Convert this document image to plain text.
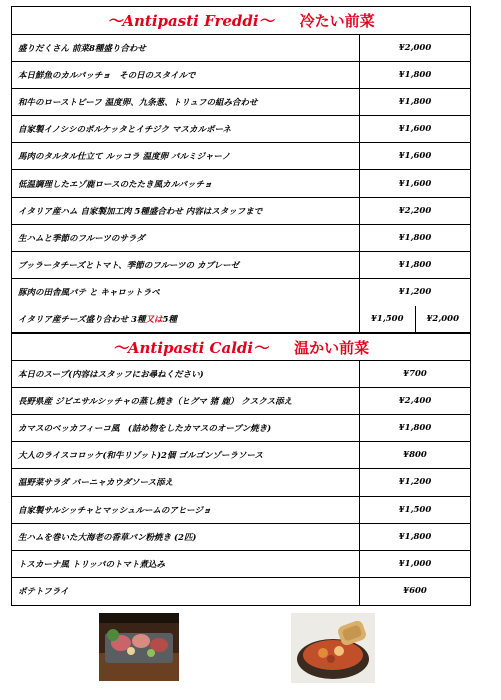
～Antipasti Freddi～ 冷たい前菜
盛りだくさん 前菜8種盛り合わせ	¥2,000
本日鮮魚のカルパッチョ　その日のスタイルで	¥1,800
和牛のローストビーフ 温度卵、九条葱、トリュフの組み合わせ	¥1,800
自家製イノシシのポルケッタとイチジク マスカルポーネ	¥1,600
馬肉のタルタル仕立て ルッコラ 温度卵 パルミジャーノ	¥1,600
低温調理したエゾ鹿ロースのたたき風カルパッチョ	¥1,600
イタリア産ハム 自家製加工肉 5種盛合わせ 内容はスタッフまで	¥2,200
生ハムと季節のフルーツのサラダ	¥1,800
ブッラータチーズとトマト、季節のフルーツの カプレーゼ	¥1,800
豚肉の田舎風パテ と キャロットラペ	¥1,200
イタリア産チーズ盛り合わせ 3種 又は 5種	¥1,500	¥2,000
～Antipasti Caldi～ 温かい前菜
本日のスープ(内容はスタッフにお尋ねください)	¥700
長野県産 ジビエサルシッチャの蒸し焼き（ヒグマ 猪 鹿） クスクス添え	¥2,400
カマスのベッカフィーコ風　(詰め物をしたカマスのオーブン焼き)	¥1,800
大人のライスコロッケ(和牛リゾット)2個 ゴルゴンゾーラソース	¥800
温野菜サラダ バーニャカウダソース添え	¥1,200
自家製サルシッチャとマッシュルームのアヒージョ	¥1,500
生ハムを巻いた大海老の香草パン粉焼き (2匹)	¥1,800
トスカーナ風 トリッパのトマト煮込み	¥1,000
ポテトフライ	¥600
